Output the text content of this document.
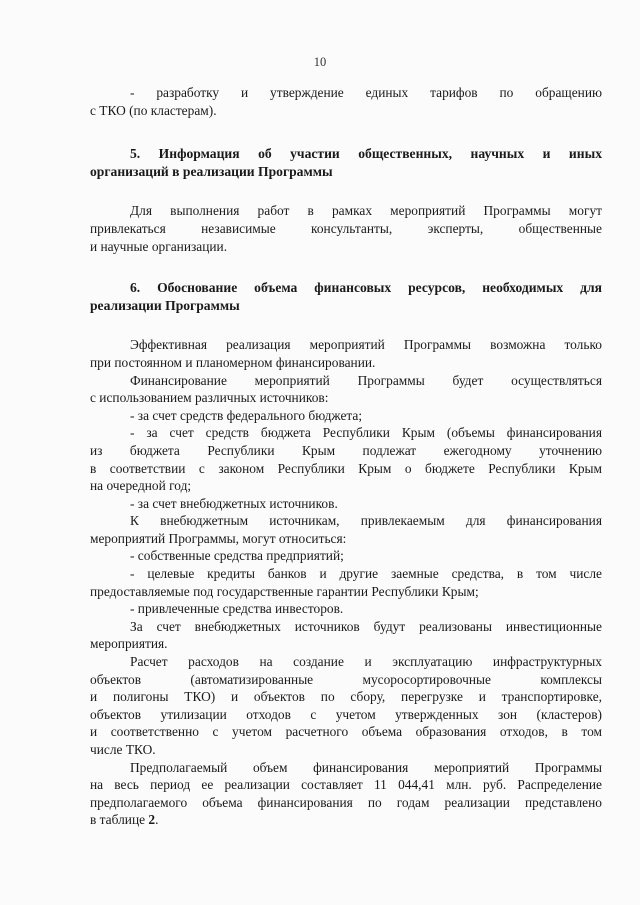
10

- разработку и утверждение единых тарифов по обращению
с ТКО (по кластерам).

5. Информация об участии общественных, научных и иных
организаций в реализации Программы

Для выполнения работ в рамках мероприятий Программы могут
привлекаться независимые консультанты, эксперты, общественные
и научные организации.

6. Обоснование объема финансовых ресурсов, необходимых для
реализации Программы

Эффективная реализация мероприятий Программы возможна только
при постоянном и планомерном финансировании.

Финансирование мероприятий Программы будет осуществляться
с использованием различных источников:

- за счет средств федерального бюджета;

- за счет средств бюджета Республики Крым (объемы финансирования
из бюджета Республики Крым подлежат ежегодному уточнению
в соответствии с законом Республики Крым о бюджете Республики Крым
на очередной год;

- за счет внебюджетных источников.

К внебюджетным источникам, привлекаемым для финансирования
мероприятий Программы, могут относиться:

- собственные средства предприятий;

- целевые кредиты банков и другие заемные средства, в том числе
предоставляемые под государственные гарантии Республики Крым;

- привлеченные средства инвесторов.

За счет внебюджетных источников будут реализованы инвестиционные
мероприятия.

Расчет расходов на создание и эксплуатацию инфраструктурных
объектов (автоматизированные мусоросортировочные комплексы
и полигоны ТКО) и объектов по сбору, перегрузке и транспортировке,
объектов утилизации отходов с учетом утвержденных зон (кластеров)
и соответственно с учетом расчетного объема образования отходов, в том
числе ТКО.

Предполагаемый объем финансирования мероприятий Программы
на весь период ее реализации составляет 11 044,41 млн. руб. Распределение
предполагаемого объема финансирования по годам реализации представлено
в таблице 2.
